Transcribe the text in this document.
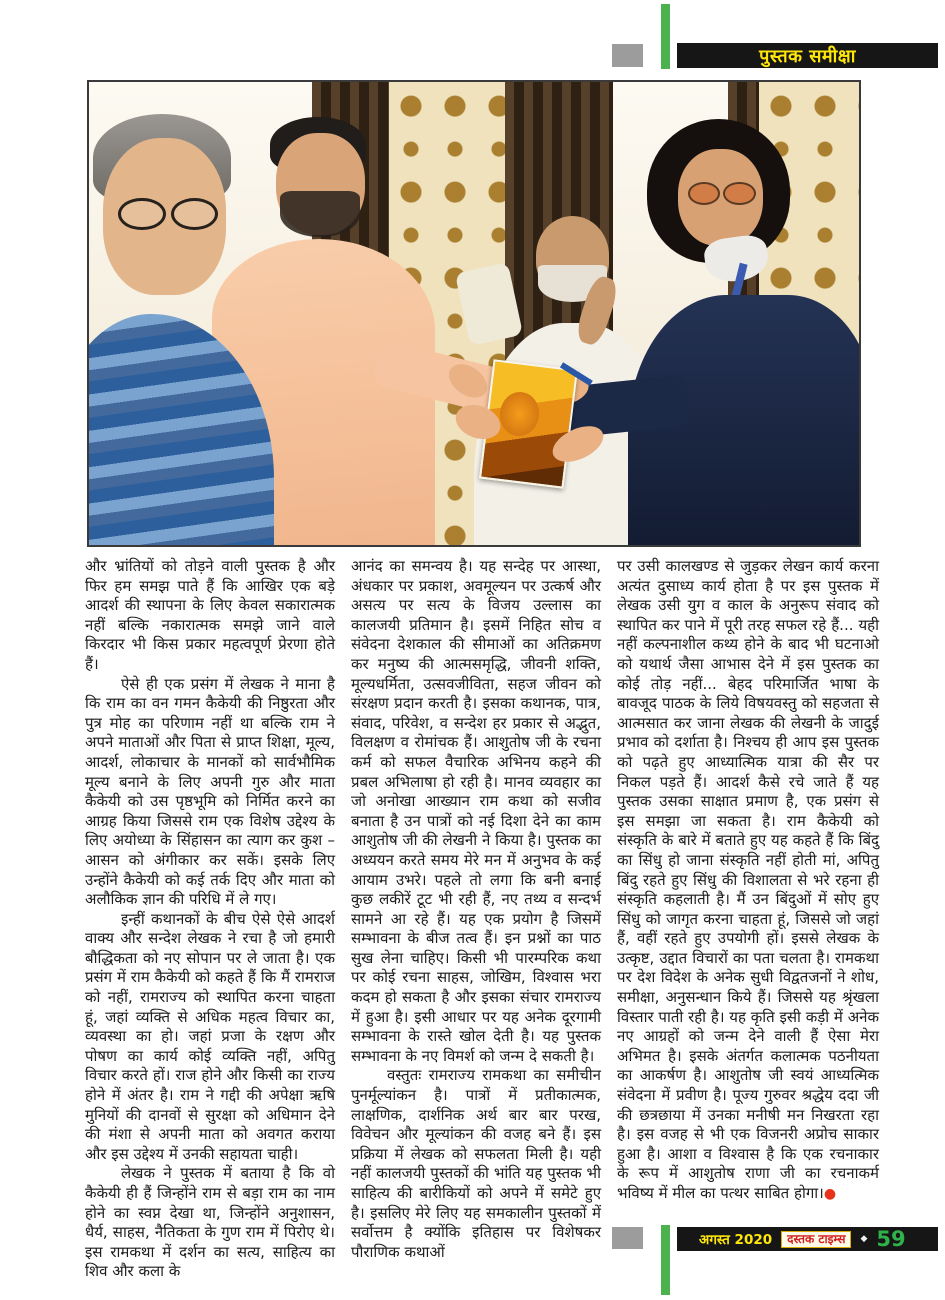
पुस्तक समीक्षा

और भ्रांतियों को तोड़ने वाली पुस्तक है और फिर हम समझ पाते हैं कि आखिर एक बड़े आदर्श की स्थापना के लिए केवल सकारात्मक नहीं बल्कि नकारात्मक समझे जाने वाले किरदार भी किस प्रकार महत्वपूर्ण प्रेरणा होते हैं।

ऐसे ही एक प्रसंग में लेखक ने माना है कि राम का वन गमन कैकेयी की निष्ठुरता और पुत्र मोह का परिणाम नहीं था बल्कि राम ने अपने माताओं और पिता से प्राप्त शिक्षा, मूल्य, आदर्श, लोकाचार के मानकों को सार्वभौमिक मूल्य बनाने के लिए अपनी गुरु और माता कैकेयी को उस पृष्ठभूमि को निर्मित करने का आग्रह किया जिससे राम एक विशेष उद्देश्य के लिए अयोध्या के सिंहासन का त्याग कर कुश –आसन को अंगीकार कर सकें। इसके लिए उन्होंने कैकेयी को कई तर्क दिए और माता को अलौकिक ज्ञान की परिधि में ले गए।

इन्हीं कथानकों के बीच ऐसे ऐसे आदर्श वाक्य और सन्देश लेखक ने रचा है जो हमारी बौद्धिकता को नए सोपान पर ले जाता है। एक प्रसंग में राम कैकेयी को कहते हैं कि मैं रामराज को नहीं, रामराज्य को स्थापित करना चाहता हूं, जहां व्यक्ति से अधिक महत्व विचार का, व्यवस्था का हो। जहां प्रजा के रक्षण और पोषण का कार्य कोई व्यक्ति नहीं, अपितु विचार करते हों। राज होने और किसी का राज्य होने में अंतर है। राम ने गद्दी की अपेक्षा ऋषि मुनियों की दानवों से सुरक्षा को अधिमान देने की मंशा से अपनी माता को अवगत कराया और इस उद्देश्य में उनकी सहायता चाही।

लेखक ने पुस्तक में बताया है कि वो कैकेयी ही हैं जिन्होंने राम से बड़ा राम का नाम होने का स्वप्न देखा था, जिन्होंने अनुशासन, धैर्य, साहस, नैतिकता के गुण राम में पिरोए थे। इस रामकथा में दर्शन का सत्य, साहित्य का शिव और कला के

आनंद का समन्वय है। यह सन्देह पर आस्था, अंधकार पर प्रकाश, अवमूल्यन पर उत्कर्ष और असत्य पर सत्य के विजय उल्लास का कालजयी प्रतिमान है। इसमें निहित सोच व संवेदना देशकाल की सीमाओं का अतिक्रमण कर मनुष्य की आत्मसमृद्धि, जीवनी शक्ति, मूल्यधर्मिता, उत्सवजीविता, सहज जीवन को संरक्षण प्रदान करती है। इसका कथानक, पात्र, संवाद, परिवेश, व सन्देश हर प्रकार से अद्भुत, विलक्षण व रोमांचक हैं। आशुतोष जी के रचना कर्म को सफल वैचारिक अभिनय कहने की प्रबल अभिलाषा हो रही है। मानव व्यवहार का जो अनोखा आख्यान राम कथा को सजीव बनाता है उन पात्रों को नई दिशा देने का काम आशुतोष जी की लेखनी ने किया है। पुस्तक का अध्ययन करते समय मेरे मन में अनुभव के कई आयाम उभरे। पहले तो लगा कि बनी बनाई कुछ लकीरें टूट भी रही हैं, नए तथ्य व सन्दर्भ सामने आ रहे हैं। यह एक प्रयोग है जिसमें सम्भावना के बीज तत्व हैं। इन प्रश्नों का पाठ सुख लेना चाहिए। किसी भी पारम्परिक कथा पर कोई रचना साहस, जोखिम, विश्वास भरा कदम हो सकता है और इसका संचार रामराज्य में हुआ है। इसी आधार पर यह अनेक दूरगामी सम्भावना के रास्ते खोल देती है। यह पुस्तक सम्भावना के नए विमर्श को जन्म दे सकती है।

वस्तुतः रामराज्य रामकथा का समीचीन पुनर्मूल्यांकन है। पात्रों में प्रतीकात्मक, लाक्षणिक, दार्शनिक अर्थ बार बार परख, विवेचन और मूल्यांकन की वजह बने हैं। इस प्रक्रिया में लेखक को सफलता मिली है। यही नहीं कालजयी पुस्तकों की भांति यह पुस्तक भी साहित्य की बारीकियों को अपने में समेटे हुए है। इसलिए मेरे लिए यह समकालीन पुस्तकों में सर्वोत्तम है क्योंकि इतिहास पर विशेषकर पौराणिक कथाओं

पर उसी कालखण्ड से जुड़कर लेखन कार्य करना अत्यंत दुसाध्य कार्य होता है पर इस पुस्तक में लेखक उसी युग व काल के अनुरूप संवाद को स्थापित कर पाने में पूरी तरह सफल रहे हैं... यही नहीं कल्पनाशील कथ्य होने के बाद भी घटनाओ को यथार्थ जैसा आभास देने में इस पुस्तक का कोई तोड़ नहीं... बेहद परिमार्जित भाषा के बावजूद पाठक के लिये विषयवस्तु को सहजता से आत्मसात कर जाना लेखक की लेखनी के जादुई प्रभाव को दर्शाता है। निश्चय ही आप इस पुस्तक को पढ़ते हुए आध्यात्मिक यात्रा की सैर पर निकल पड़ते हैं। आदर्श कैसे रचे जाते हैं यह पुस्तक उसका साक्षात प्रमाण है, एक प्रसंग से इस समझा जा सकता है। राम कैकेयी को संस्कृति के बारे में बताते हुए यह कहते हैं कि बिंदु का सिंधु हो जाना संस्कृति नहीं होती मां, अपितु बिंदु रहते हुए सिंधु की विशालता से भरे रहना ही संस्कृति कहलाती है। मैं उन बिंदुओं में सोए हुए सिंधु को जागृत करना चाहता हूं, जिससे जो जहां हैं, वहीं रहते हुए उपयोगी हों। इससे लेखक के उत्कृष्ट, उद्दात विचारों का पता चलता है। रामकथा पर देश विदेश के अनेक सुधी विद्वतजनों ने शोध, समीक्षा, अनुसन्धान किये हैं। जिससे यह श्रृंखला विस्तार पाती रही है। यह कृति इसी कड़ी में अनेक नए आग्रहों को जन्म देने वाली हैं ऐसा मेरा अभिमत है। इसके अंतर्गत कलात्मक पठनीयता का आकर्षण है। आशुतोष जी स्वयं आध्यत्मिक संवेदना में प्रवीण है। पूज्य गुरुवर श्रद्धेय ददा जी की छत्रछाया में उनका मनीषी मन निखरता रहा है। इस वजह से भी एक विजनरी अप्रोच साकार हुआ है। आशा व विश्वास है कि एक रचनाकार के रूप में आशुतोष राणा जी का रचनाकर्म भविष्य में मील का पत्थर साबित होगा।●

अगस्त 2020	दस्तक टाइम्स	◆ 59
